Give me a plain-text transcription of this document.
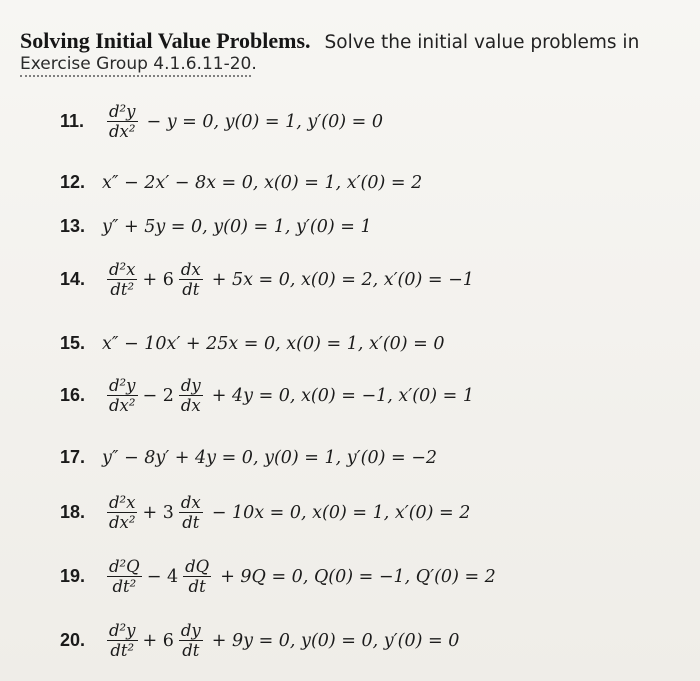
Solving Initial Value Problems. Solve the initial value problems in
Exercise Group 4.1.6.11-20.
11.	$\frac{\text{d²y}}{\text{dx²}} - y = 0$, y(0) = 1, y′(0) = 0
12. x″ − 2x′ − 8x = 0, x(0) = 1, x′(0) = 2
13. y″ + 5y = 0, y(0) = 1, y′(0) = 1
14.	$\frac{\text{d²x}}{\text{dt²}} + 6 \frac{dx}{dt} + 5x = 0$, x(0) = 2, x′(0) = −1
15. x″ − 10x′ + 25x = 0, x(0) = 1, x′(0) = 0
16.	$\frac{\text{d²y}}{\text{dx²}} - 2 \frac{dy}{dx} + 4y = 0$, x(0) = −1, x′(0) = 1
17. y″ − 8y′ + 4y = 0, y(0) = 1, y′(0) = −2
18.	$\frac{\text{d²x}}{\text{dx²}} + 3 \frac{dx}{dt} - 10x = 0$, x(0) = 1, x′(0) = 2
19.	$\frac{\text{d²Q}}{\text{dt²}} - 4 \frac{dQ}{dt} + 9Q = 0$, Q(0) = −1, Q′(0) = 2
20.	$\frac{\text{d²y}}{\text{dt²}} + 6 \frac{dy}{dt} + 9y = 0$, y(0) = 0, y′(0) = 0
